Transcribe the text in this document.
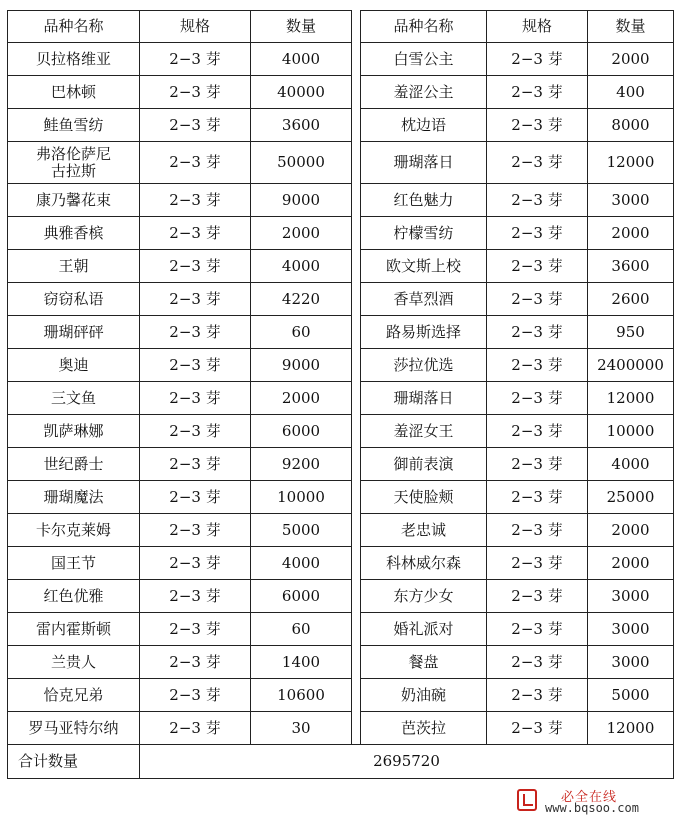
品种名称	规格	数量		品种名称	规格	数量
贝拉格维亚	2−3 芽	4000		白雪公主	2−3 芽	2000
巴林顿	2−3 芽	40000		羞涩公主	2−3 芽	400
鲑鱼雪纺	2−3 芽	3600		枕边语	2−3 芽	8000
弗洛伦萨尼
古拉斯	2−3 芽	50000		珊瑚落日	2−3 芽	12000
康乃馨花束	2−3 芽	9000		红色魅力	2−3 芽	3000
典雅香槟	2−3 芽	2000		柠檬雪纺	2−3 芽	2000
王朝	2−3 芽	4000		欧文斯上校	2−3 芽	3600
窃窃私语	2−3 芽	4220		香草烈酒	2−3 芽	2600
珊瑚砰砰	2−3 芽	60		路易斯选择	2−3 芽	950
奥迪	2−3 芽	9000		莎拉优选	2−3 芽	2400000
三文鱼	2−3 芽	2000		珊瑚落日	2−3 芽	12000
凯萨琳娜	2−3 芽	6000		羞涩女王	2−3 芽	10000
世纪爵士	2−3 芽	9200		御前表演	2−3 芽	4000
珊瑚魔法	2−3 芽	10000		天使脸颊	2−3 芽	25000
卡尔克莱姆	2−3 芽	5000		老忠诚	2−3 芽	2000
国王节	2−3 芽	4000		科林威尔森	2−3 芽	2000
红色优雅	2−3 芽	6000		东方少女	2−3 芽	3000
雷内霍斯顿	2−3 芽	60		婚礼派对	2−3 芽	3000
兰贵人	2−3 芽	1400		餐盘	2−3 芽	3000
恰克兄弟	2−3 芽	10600		奶油碗	2−3 芽	5000
罗马亚特尔纳	2−3 芽	30		芭茨拉	2−3 芽	12000
合计数量	2695720					
必全在线
www.bqsoo.com
